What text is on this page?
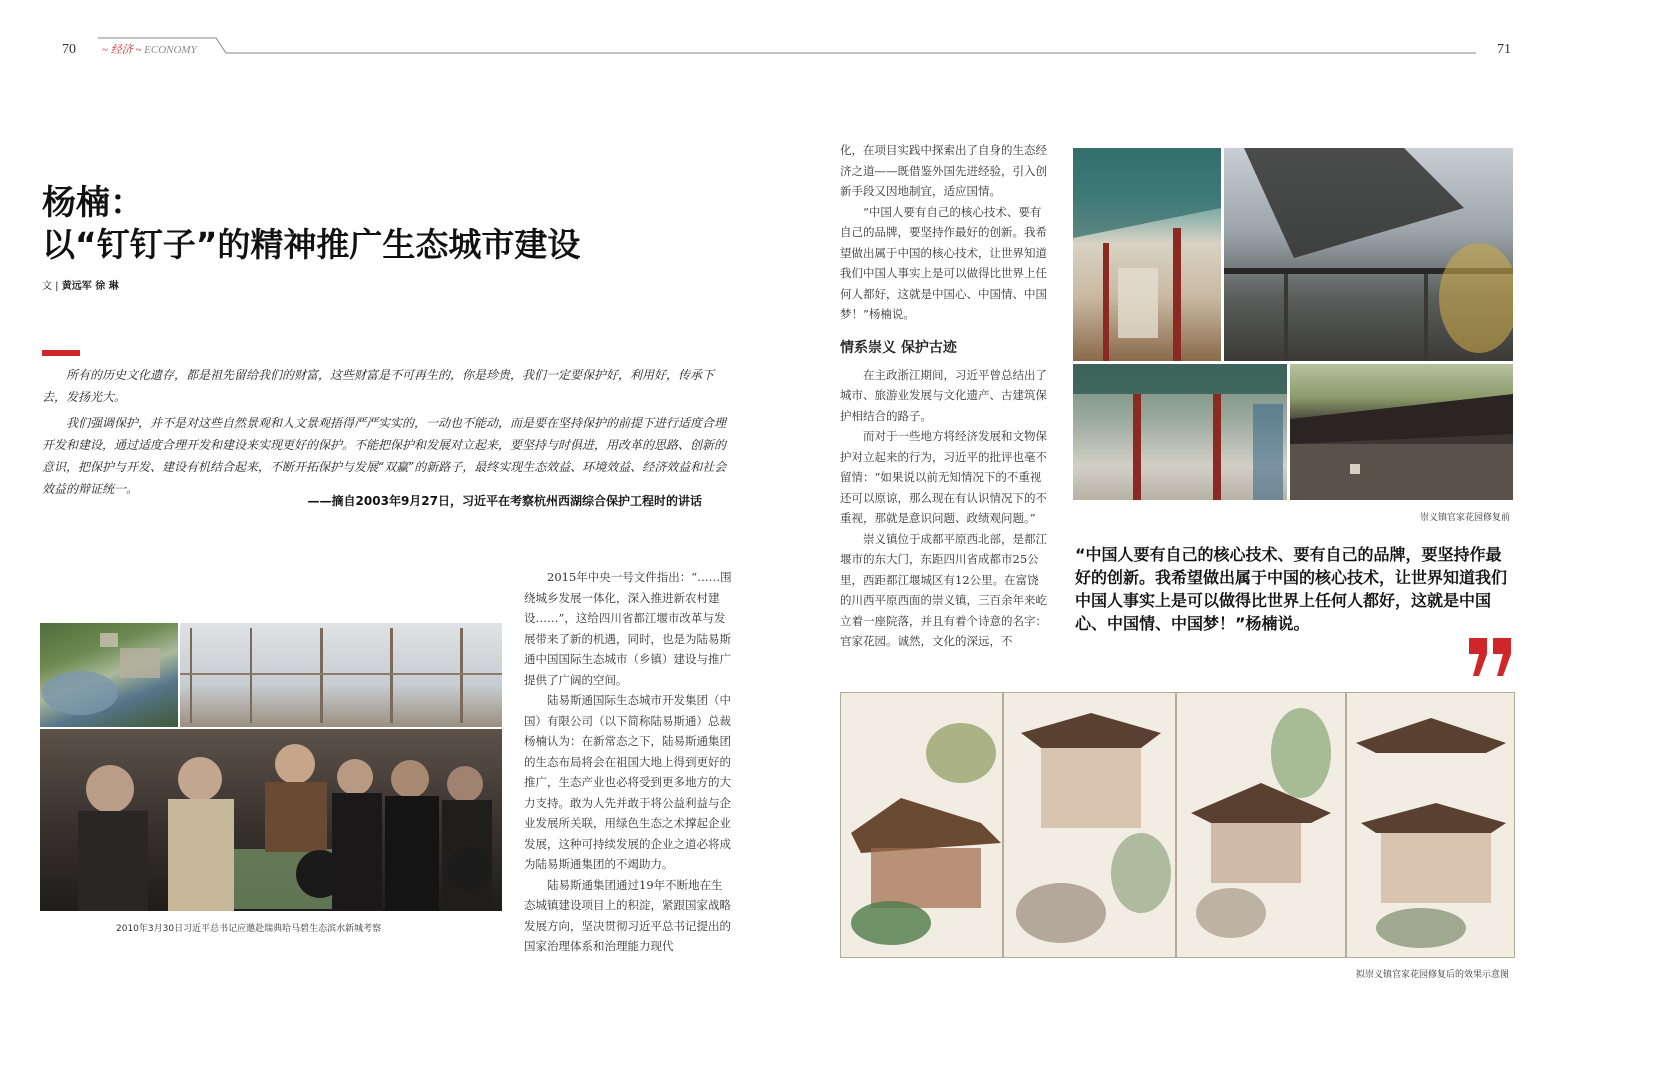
70 ~ 经济 ~ ECONOMY	71
杨楠：
以“钉钉子”的精神推广生态城市建设
文 | 黄远军 徐 琳

所有的历史文化遗存，都是祖先留给我们的财富，这些财富是不可再生的，你是珍贵，我们一定要保护好，利用好，传承下去，发扬光大。

我们强调保护，并不是对这些自然景观和人文景观捂得严严实实的，一动也不能动，而是要在坚持保护的前提下进行适度合理开发和建设，通过适度合理开发和建设来实现更好的保护。不能把保护和发展对立起来，要坚持与时俱进，用改革的思路、创新的意识，把保护与开发、建设有机结合起来，不断开拓保护与发展“双赢”的新路子，最终实现生态效益、环境效益、经济效益和社会效益的辩证统一。

——摘自2003年9月27日，习近平在考察杭州西湖综合保护工程时的讲话
2010年3月30日习近平总书记应邀赴瑞典哈马碧生态滨水新城考察

2015年中央一号文件指出：“……围绕城乡发展一体化，深入推进新农村建设……”，这给四川省都江堰市改革与发展带来了新的机遇，同时，也是为陆易斯通中国国际生态城市（乡镇）建设与推广提供了广阔的空间。

陆易斯通国际生态城市开发集团（中国）有限公司（以下简称陆易斯通）总裁杨楠认为：在新常态之下，陆易斯通集团的生态布局将会在祖国大地上得到更好的推广，生态产业也必将受到更多地方的大力支持。敢为人先并敢于将公益利益与企业发展所关联，用绿色生态之术撑起企业发展，这种可持续发展的企业之道必将成为陆易斯通集团的不竭助力。

陆易斯通集团通过19年不断地在生态城镇建设项目上的积淀，紧跟国家战略发展方向，坚决贯彻习近平总书记提出的国家治理体系和治理能力现代

化，在项目实践中探索出了自身的生态经济之道——既借鉴外国先进经验，引入创新手段又因地制宜，适应国情。

“中国人要有自己的核心技术、要有自己的品牌，要坚持作最好的创新。我希望做出属于中国的核心技术，让世界知道我们中国人事实上是可以做得比世界上任何人都好，这就是中国心、中国情、中国梦！”杨楠说。

情系崇义 保护古迹

在主政浙江期间，习近平曾总结出了城市、旅游业发展与文化遗产、古建筑保护相结合的路子。

而对于一些地方将经济发展和文物保护对立起来的行为，习近平的批评也毫不留情：“如果说以前无知情况下的不重视还可以原谅，那么现在有认识情况下的不重视，那就是意识问题、政绩观问题。”

崇义镇位于成都平原西北部，是都江堰市的东大门，东距四川省成都市25公里，西距都江堰城区有12公里。在富饶的川西平原西面的崇义镇，三百余年来屹立着一座院落，并且有着个诗意的名字：官家花园。诚然，文化的深远，不

崇义镇官家花园修复前
“中国人要有自己的核心技术、要有自己的品牌，要坚持作最好的创新。我希望做出属于中国的核心技术，让世界知道我们中国人事实上是可以做得比世界上任何人都好，这就是中国心、中国情、中国梦！”杨楠说。
拟崇义镇官家花园修复后的效果示意图
